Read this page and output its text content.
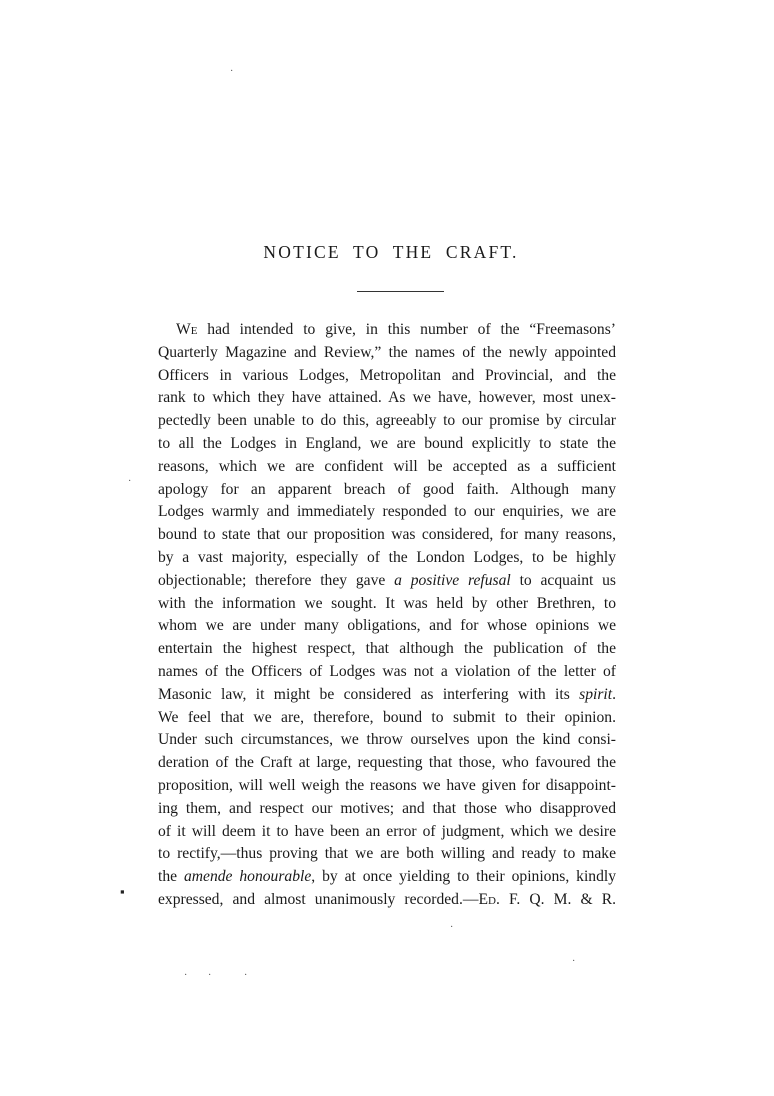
NOTICE TO THE CRAFT.
We had intended to give, in this number of the “Freemasons’
Quarterly Magazine and Review,” the names of the newly appointed
Officers in various Lodges, Metropolitan and Provincial, and the
rank to which they have attained. As we have, however, most unex-
pectedly been unable to do this, agreeably to our promise by circular
to all the Lodges in England, we are bound explicitly to state the
reasons, which we are confident will be accepted as a sufficient
apology for an apparent breach of good faith. Although many
Lodges warmly and immediately responded to our enquiries, we are
bound to state that our proposition was considered, for many reasons,
by a vast majority, especially of the London Lodges, to be highly
objectionable; therefore they gave a positive refusal to acquaint us
with the information we sought. It was held by other Brethren, to
whom we are under many obligations, and for whose opinions we
entertain the highest respect, that although the publication of the
names of the Officers of Lodges was not a violation of the letter of
Masonic law, it might be considered as interfering with its spirit.
We feel that we are, therefore, bound to submit to their opinion.
Under such circumstances, we throw ourselves upon the kind consi-
deration of the Craft at large, requesting that those, who favoured the
proposition, will well weigh the reasons we have given for disappoint-
ing them, and respect our motives; and that those who disapproved
of it will deem it to have been an error of judgment, which we desire
to rectify,—thus proving that we are both willing and ready to make
the amende honourable, by at once yielding to their opinions, kindly
expressed, and almost unanimously recorded.—Ed. F. Q. M. & R.
·
·
▪
·
·
· ·	·
